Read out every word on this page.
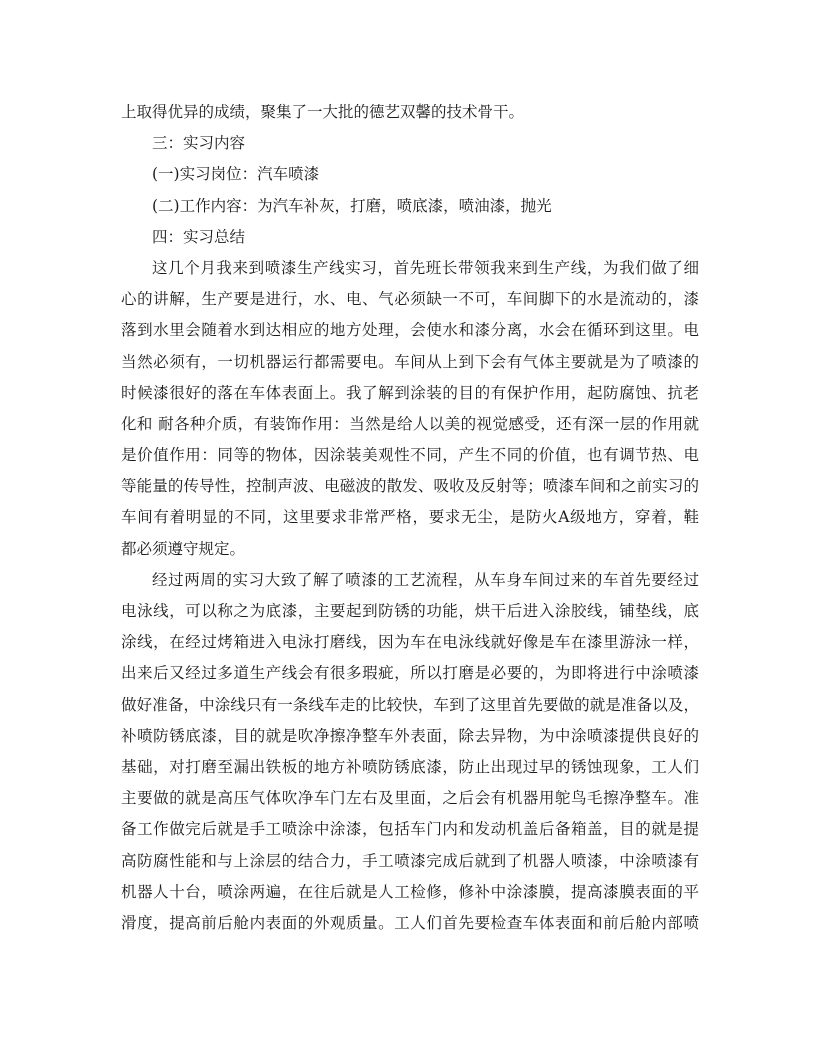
上取得优异的成绩，聚集了一大批的德艺双馨的技术骨干。
三：实习内容
(一)实习岗位：汽车喷漆
(二)工作内容：为汽车补灰，打磨，喷底漆，喷油漆，抛光
四：实习总结
这几个月我来到喷漆生产线实习，首先班长带领我来到生产线，为我们做了细
心的讲解，生产要是进行，水、电、气必须缺一不可，车间脚下的水是流动的，漆
落到水里会随着水到达相应的地方处理，会使水和漆分离，水会在循环到这里。电
当然必须有，一切机器运行都需要电。车间从上到下会有气体主要就是为了喷漆的
时候漆很好的落在车体表面上。我了解到涂装的目的有保护作用，起防腐蚀、抗老
化和 耐各种介质，有装饰作用：当然是给人以美的视觉感受，还有深一层的作用就
是价值作用：同等的物体，因涂装美观性不同，产生不同的价值，也有调节热、电
等能量的传导性，控制声波、电磁波的散发、吸收及反射等；喷漆车间和之前实习的
车间有着明显的不同，这里要求非常严格，要求无尘，是防火A级地方，穿着，鞋
都必须遵守规定。
经过两周的实习大致了解了喷漆的工艺流程，从车身车间过来的车首先要经过
电泳线，可以称之为底漆，主要起到防锈的功能，烘干后进入涂胶线，铺垫线，底
涂线，在经过烤箱进入电泳打磨线，因为车在电泳线就好像是车在漆里游泳一样，
出来后又经过多道生产线会有很多瑕疵，所以打磨是必要的，为即将进行中涂喷漆
做好准备，中涂线只有一条线车走的比较快，车到了这里首先要做的就是准备以及，
补喷防锈底漆，目的就是吹净擦净整车外表面，除去异物，为中涂喷漆提供良好的
基础，对打磨至漏出铁板的地方补喷防锈底漆，防止出现过早的锈蚀现象，工人们
主要做的就是高压气体吹净车门左右及里面，之后会有机器用鸵鸟毛擦净整车。准
备工作做完后就是手工喷涂中涂漆，包括车门内和发动机盖后备箱盖，目的就是提
高防腐性能和与上涂层的结合力，手工喷漆完成后就到了机器人喷漆，中涂喷漆有
机器人十台，喷涂两遍，在往后就是人工检修，修补中涂漆膜，提高漆膜表面的平
滑度，提高前后舱内表面的外观质量。工人们首先要检查车体表面和前后舱内部喷
